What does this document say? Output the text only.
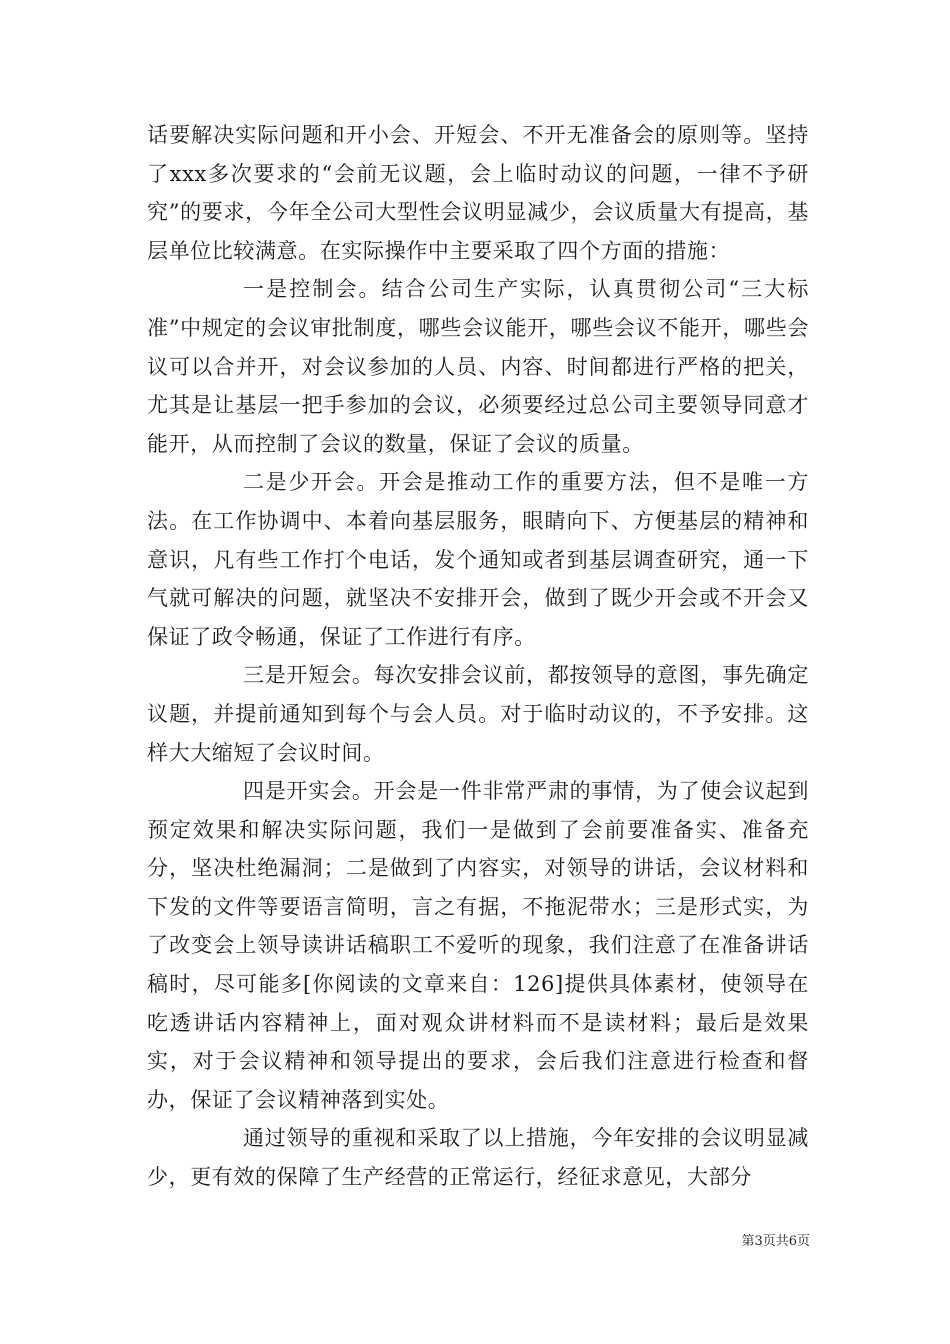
话要解决实际问题和开小会、开短会、不开无准备会的原则等。坚持了xxx多次要求的“会前无议题，会上临时动议的问题，一律不予研究”的要求，今年全公司大型性会议明显减少，会议质量大有提高，基层单位比较满意。在实际操作中主要采取了四个方面的措施：

一是控制会。结合公司生产实际，认真贯彻公司“三大标准”中规定的会议审批制度，哪些会议能开，哪些会议不能开，哪些会议可以合并开，对会议参加的人员、内容、时间都进行严格的把关，尤其是让基层一把手参加的会议，必须要经过总公司主要领导同意才能开，从而控制了会议的数量，保证了会议的质量。

二是少开会。开会是推动工作的重要方法，但不是唯一方法。在工作协调中、本着向基层服务，眼睛向下、方便基层的精神和意识，凡有些工作打个电话，发个通知或者到基层调查研究，通一下气就可解决的问题，就坚决不安排开会，做到了既少开会或不开会又保证了政令畅通，保证了工作进行有序。

三是开短会。每次安排会议前，都按领导的意图，事先确定议题，并提前通知到每个与会人员。对于临时动议的，不予安排。这样大大缩短了会议时间。

四是开实会。开会是一件非常严肃的事情，为了使会议起到预定效果和解决实际问题，我们一是做到了会前要准备实、准备充分，坚决杜绝漏洞；二是做到了内容实，对领导的讲话，会议材料和下发的文件等要语言简明，言之有据，不拖泥带水；三是形式实，为了改变会上领导读讲话稿职工不爱听的现象，我们注意了在准备讲话稿时，尽可能多[你阅读的文章来自：126]提供具体素材，使领导在吃透讲话内容精神上，面对观众讲材料而不是读材料；最后是效果实，对于会议精神和领导提出的要求，会后我们注意进行检查和督办，保证了会议精神落到实处。

通过领导的重视和采取了以上措施，今年安排的会议明显减少，更有效的保障了生产经营的正常运行，经征求意见，大部分

第3页共6页
